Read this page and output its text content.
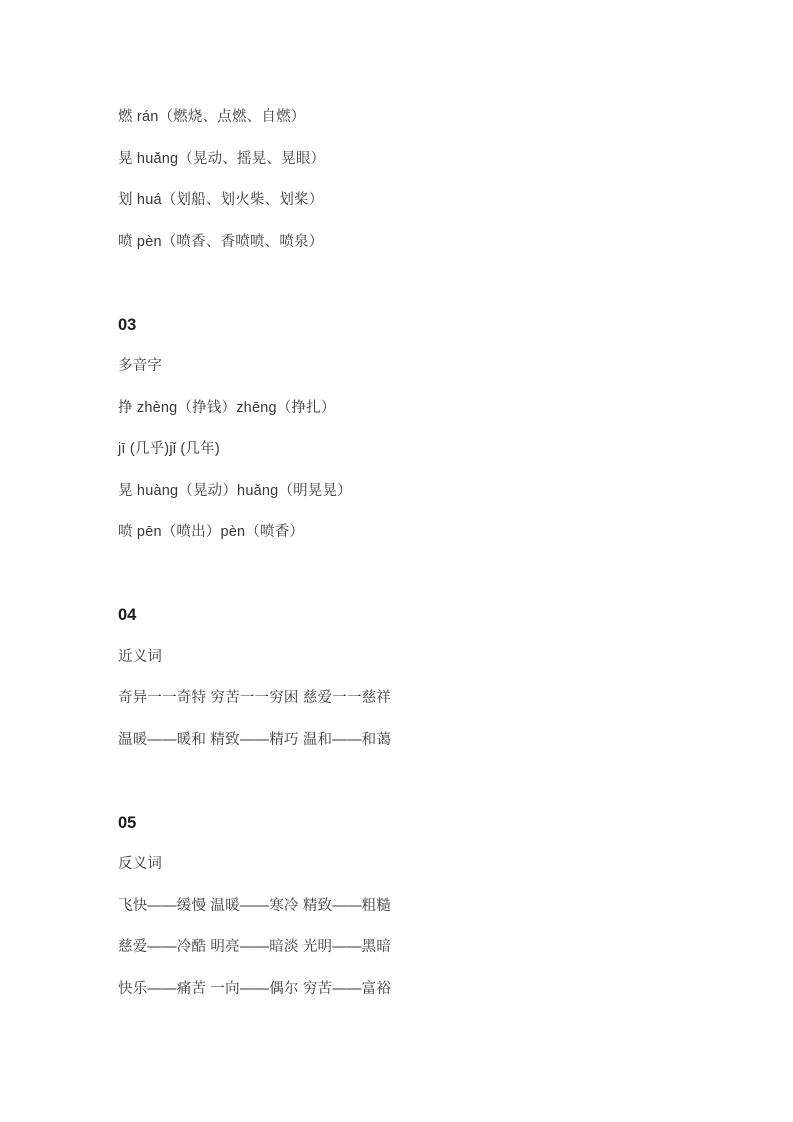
燃 rán（燃烧、点燃、自燃）

晃 huǎng（晃动、摇晃、晃眼）

划 huá（划船、划火柴、划桨）

喷 pèn（喷香、香喷喷、喷泉）

03

多音字

挣 zhèng（挣钱）zhēng（挣扎）

jī (几乎)jǐ (几年)

晃 huàng（晃动）huǎng（明晃晃）

喷 pēn（喷出）pèn（喷香）

04

近义词

奇异一一奇特 穷苦一一穷困 慈爱一一慈祥

温暖——暖和 精致——精巧 温和——和蔼

05

反义词

飞快——缓慢 温暖——寒冷 精致——粗糙

慈爱——冷酷 明亮——暗淡 光明——黑暗

快乐——痛苦 一向——偶尔 穷苦——富裕
